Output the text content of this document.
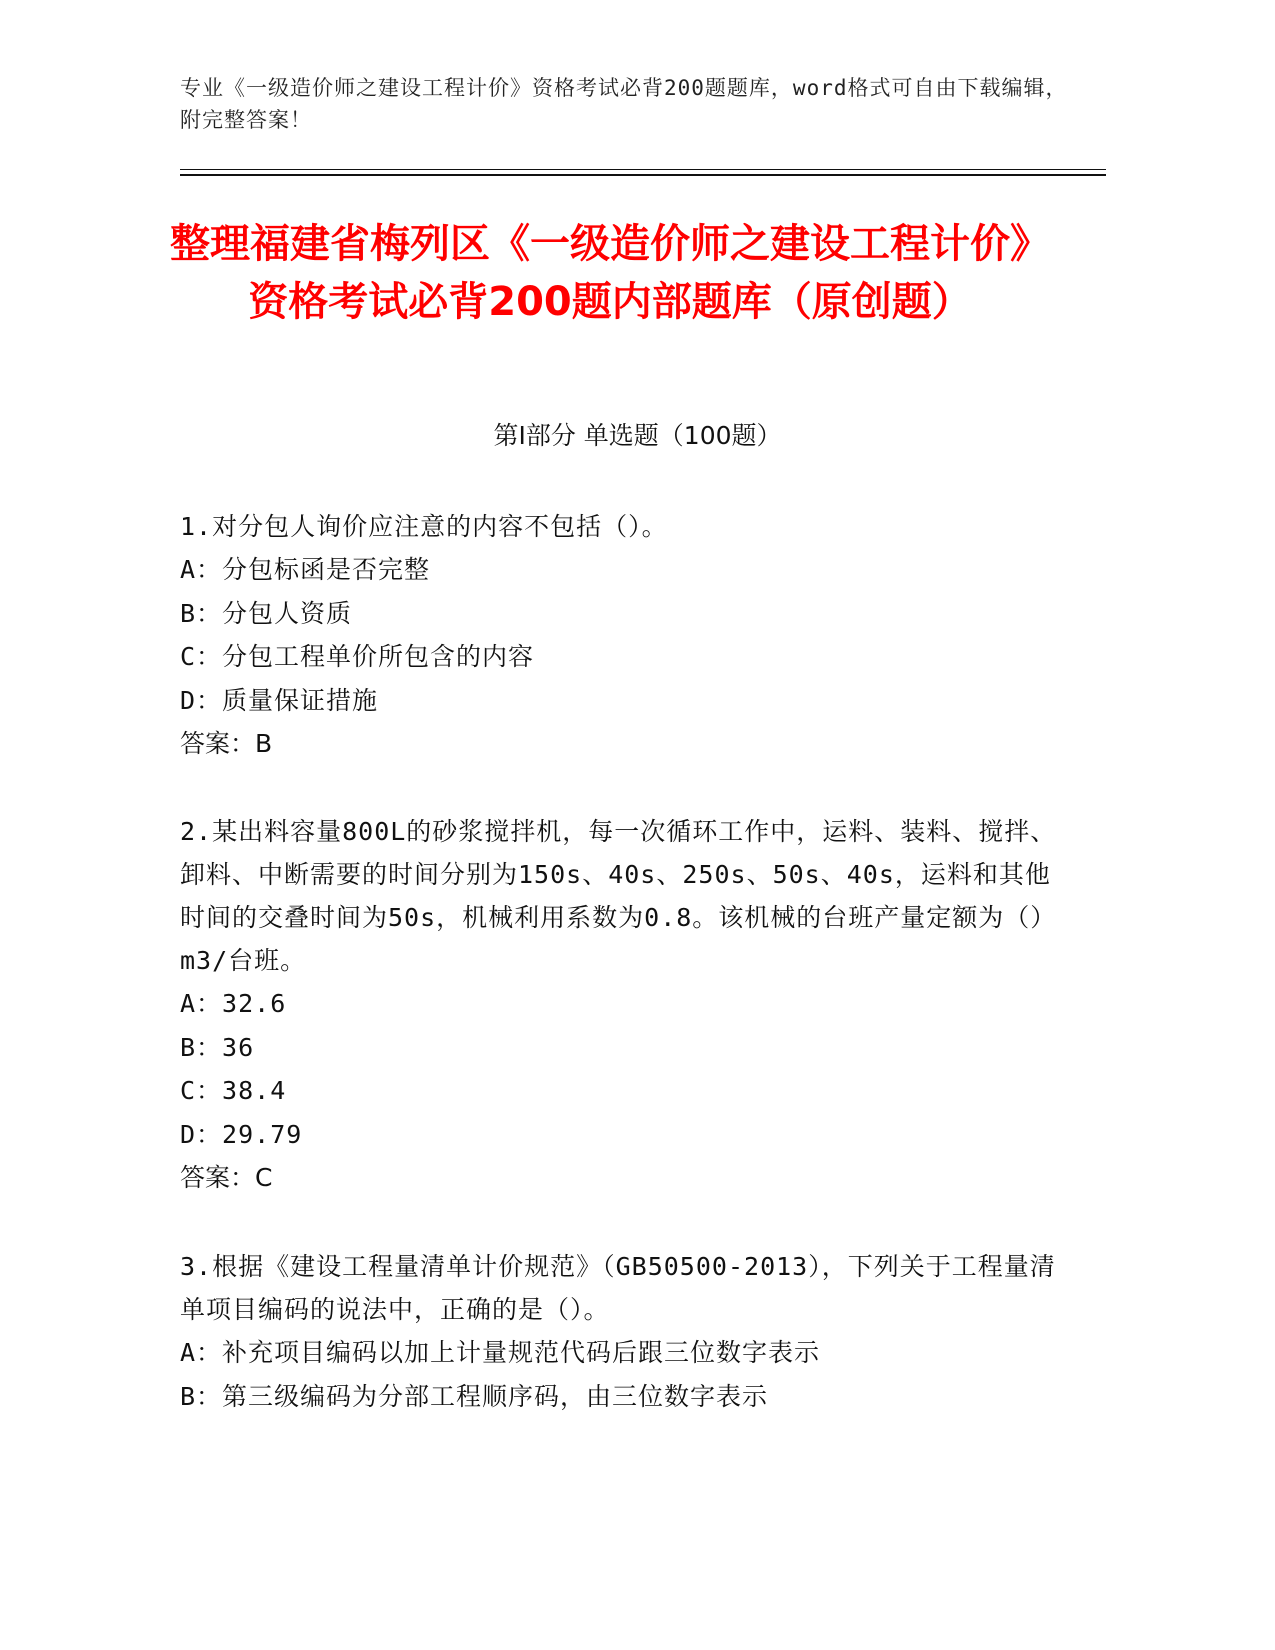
专业《一级造价师之建设工程计价》资格考试必背200题题库，word格式可自由下载编辑，附完整答案！
整理福建省梅列区《一级造价师之建设工程计价》资格考试必背200题内部题库（原创题）
第Ⅰ部分 单选题（100题）

1.对分包人询价应注意的内容不包括（）。

A：分包标函是否完整

B：分包人资质

C：分包工程单价所包含的内容

D：质量保证措施

答案：B

2.某出料容量800L的砂浆搅拌机，每一次循环工作中，运料、装料、搅拌、卸料、中断需要的时间分别为150s、40s、250s、50s、40s，运料和其他时间的交叠时间为50s，机械利用系数为0.8。该机械的台班产量定额为（）m3/台班。

A：32.6

B：36

C：38.4

D：29.79

答案：C

3.根据《建设工程量清单计价规范》（GB50500-2013），下列关于工程量清单项目编码的说法中，正确的是（）。

A：补充项目编码以加上计量规范代码后跟三位数字表示

B：第三级编码为分部工程顺序码，由三位数字表示
